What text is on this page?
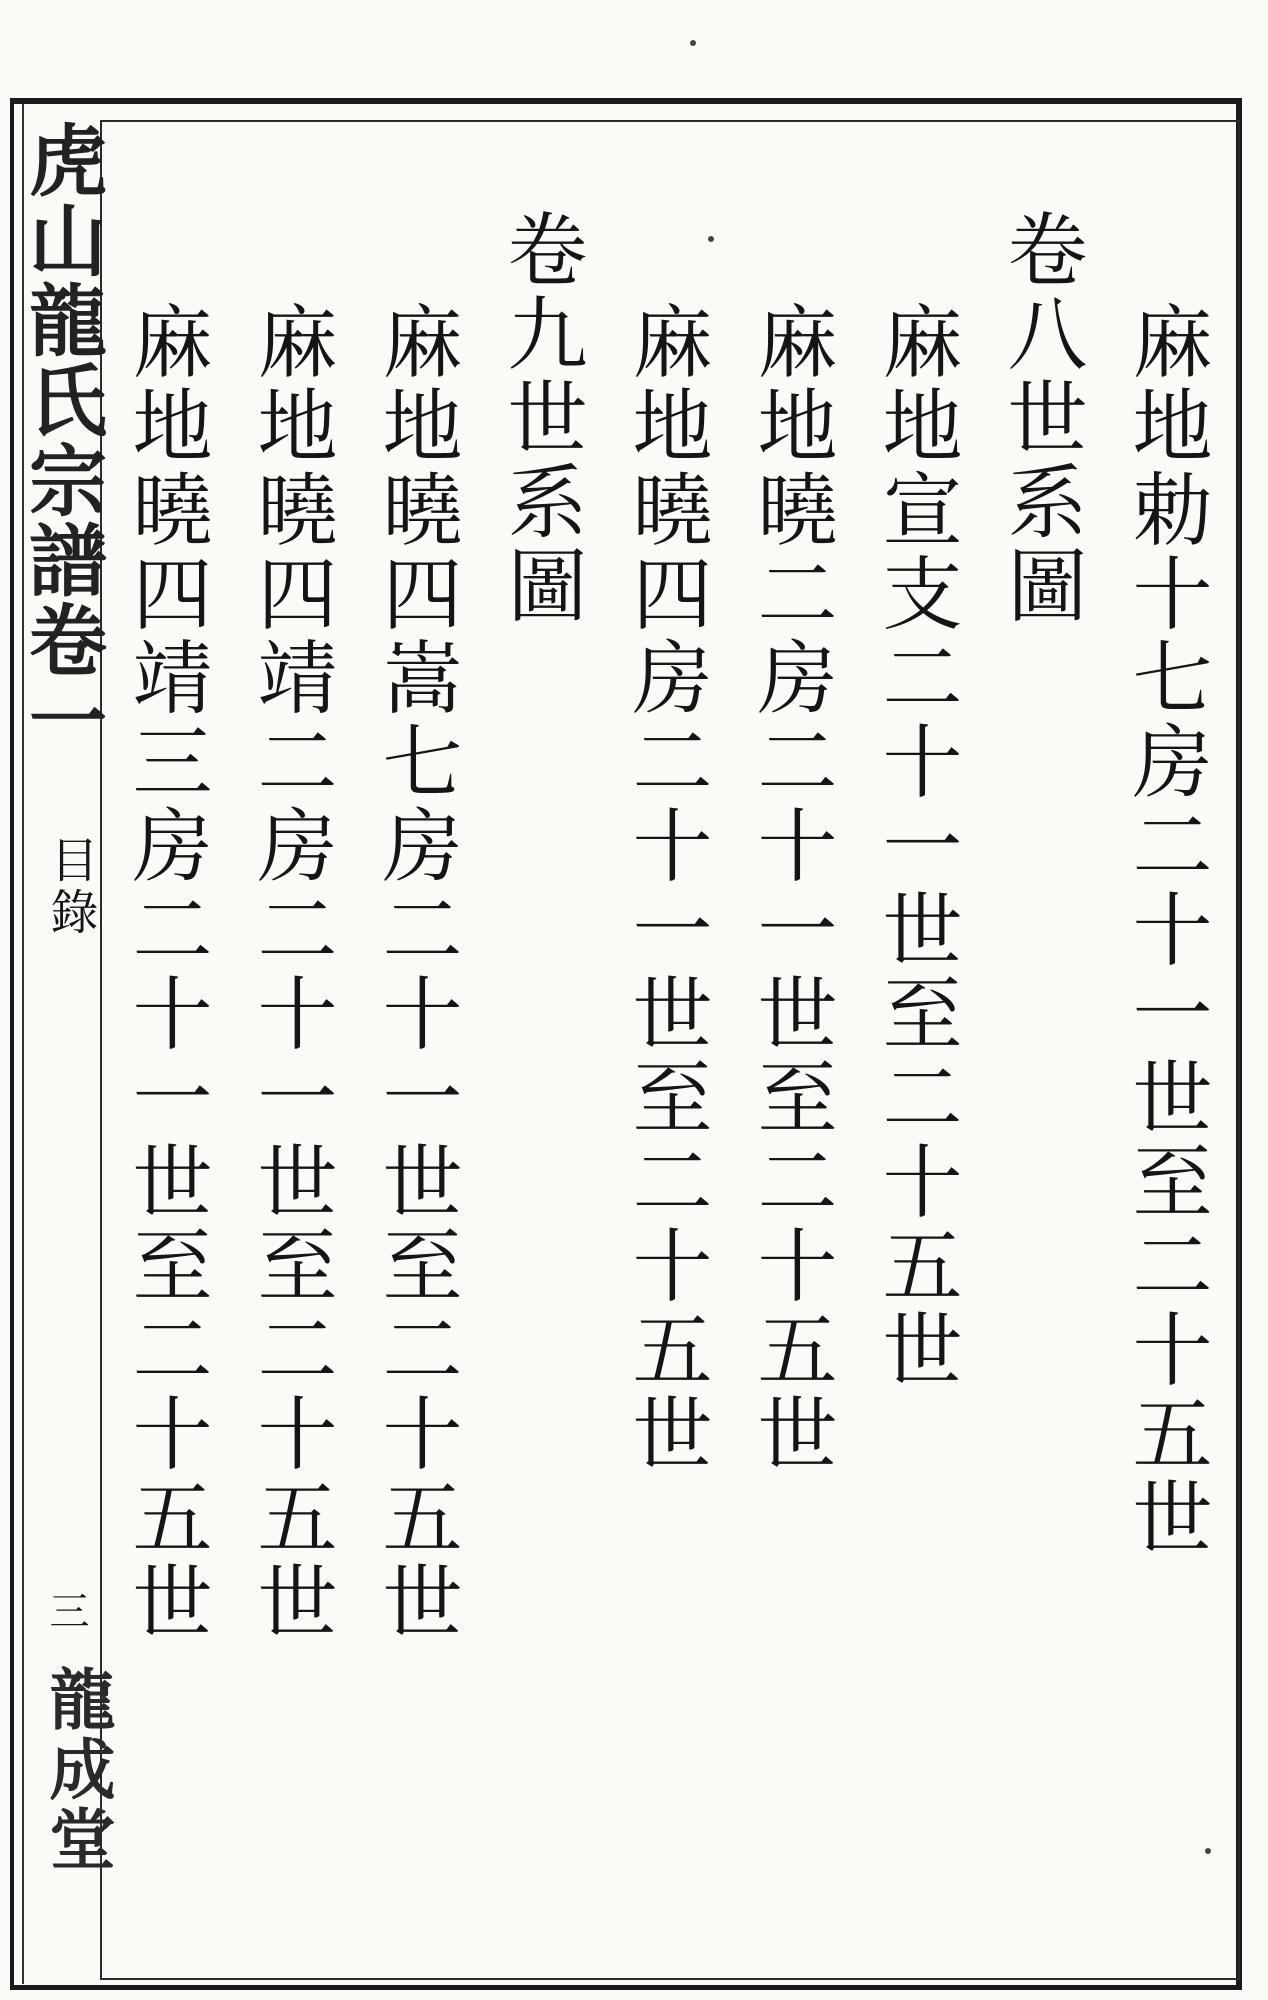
麻地勅十七房二十一世至二十五世
卷八世系圖
麻地宣支二十一世至二十五世
麻地曉二房二十一世至二十五世
麻地曉四房二十一世至二十五世
卷九世系圖
麻地曉四嵩七房二十一世至二十五世
麻地曉四靖二房二十一世至二十五世
麻地曉四靖三房二十一世至二十五世
虎山龍氏宗譜卷一
目錄
三
龍成堂
